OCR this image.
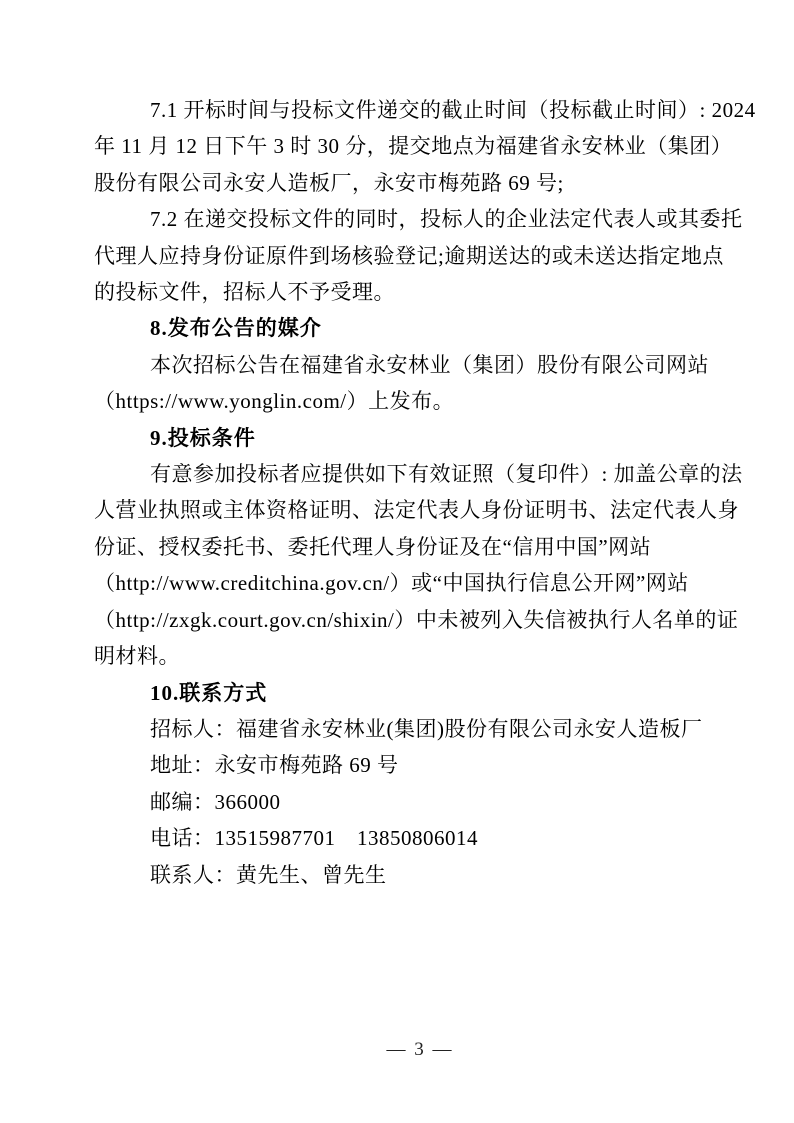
7.1 开标时间与投标文件递交的截止时间（投标截止时间）: 2024
年 11 月 12 日下午 3 时 30 分，提交地点为福建省永安林业（集团）
股份有限公司永安人造板厂，永安市梅苑路 69 号;
7.2 在递交投标文件的同时，投标人的企业法定代表人或其委托
代理人应持身份证原件到场核验登记;逾期送达的或未送达指定地点
的投标文件，招标人不予受理。
8.发布公告的媒介
本次招标公告在福建省永安林业（集团）股份有限公司网站
（https://www.yonglin.com/）上发布。
9.投标条件
有意参加投标者应提供如下有效证照（复印件）: 加盖公章的法
人营业执照或主体资格证明、法定代表人身份证明书、法定代表人身
份证、授权委托书、委托代理人身份证及在“信用中国”网站
（http://www.creditchina.gov.cn/）或“中国执行信息公开网”网站
（http://zxgk.court.gov.cn/shixin/）中未被列入失信被执行人名单的证
明材料。
10.联系方式
招标人：福建省永安林业(集团)股份有限公司永安人造板厂
地址：永安市梅苑路 69 号
邮编：366000
电话：13515987701　13850806014
联系人：黄先生、曾先生
— 3 —
